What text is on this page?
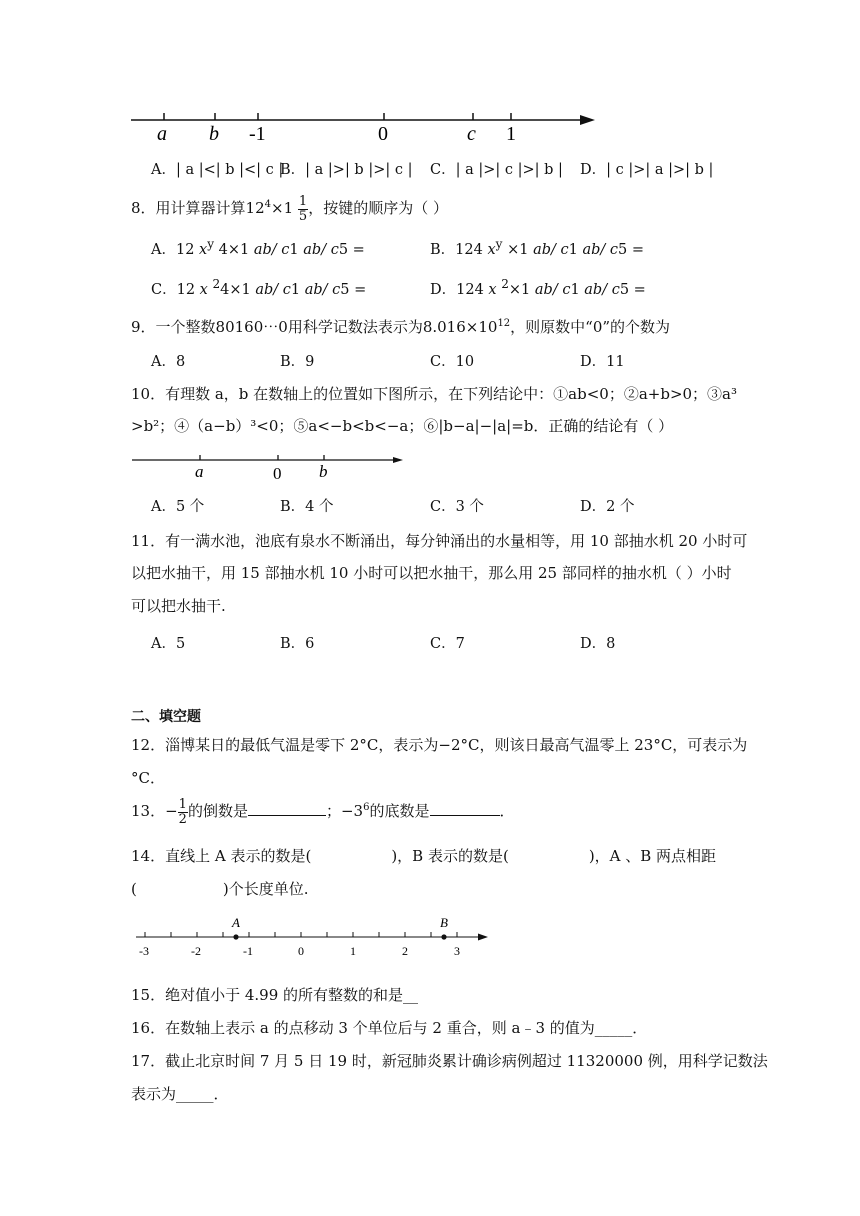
a b -1	0	c 1
A．| a |<| b |<| c |
B．| a |>| b |>| c | C．| a |>| c |>| b | D．| c |>| a |>| b |
8．用计算器计算$12^4\times 1 \frac{1}{5}$ ，按键的顺序为（ ）
A．12 $x^y$ 4×1 ab/ c1 ab/ c5 =	B．124 $x^y \times 1$ ab/ c1 ab/ c5 =
C．12 x $^2$4×1 ab/ c1 ab/ c5 =	D．124 x $^2$×1 ab/ c1 ab/ c5 =
9．一个整数80160⋯0用科学记数法表示为$8.016\times 10^{12}$，则原数中“0”的个数为
A．8	B．9	C．10	D．11
10．有理数 a，b 在数轴上的位置如下图所示，在下列结论中：①ab<0；②a+b>0；③a³
>b²；④（a−b）³<0；⑤a<−b<b<−a；⑥|b−a|−|a|=b．正确的结论有（ ）
a	0 b
A．5 个	B．4 个	C．3 个	D．2 个
11．有一满水池，池底有泉水不断涌出，每分钟涌出的水量相等，用 10 部抽水机 20 小时可
以把水抽干，用 15 部抽水机 10 小时可以把水抽干，那么用 25 部同样的抽水机（ ）小时
可以把水抽干.
A．5	B．6	C．7	D．8
二、填空题
12．淄博某日的最低气温是零下 2°C，表示为−2°C，则该日最高气温零上 23°C，可表示为
°C．
13．− $\frac{1}{2}$ 的倒数是	；$-3^6$的底数是	．
14．直线上 A 表示的数是(	)，B 表示的数是(	)，A 、B 两点相距
(	)个长度单位.
A	B
-3	-2	-1	0	1	2	3
15．绝对值小于 4.99 的所有整数的和是__
16．在数轴上表示 a 的点移动 3 个单位后与 2 重合，则 a﹣3 的值为_____．
17．截止北京时间 7 月 5 日 19 时，新冠肺炎累计确诊病例超过 11320000 例，用科学记数法
表示为_____．
